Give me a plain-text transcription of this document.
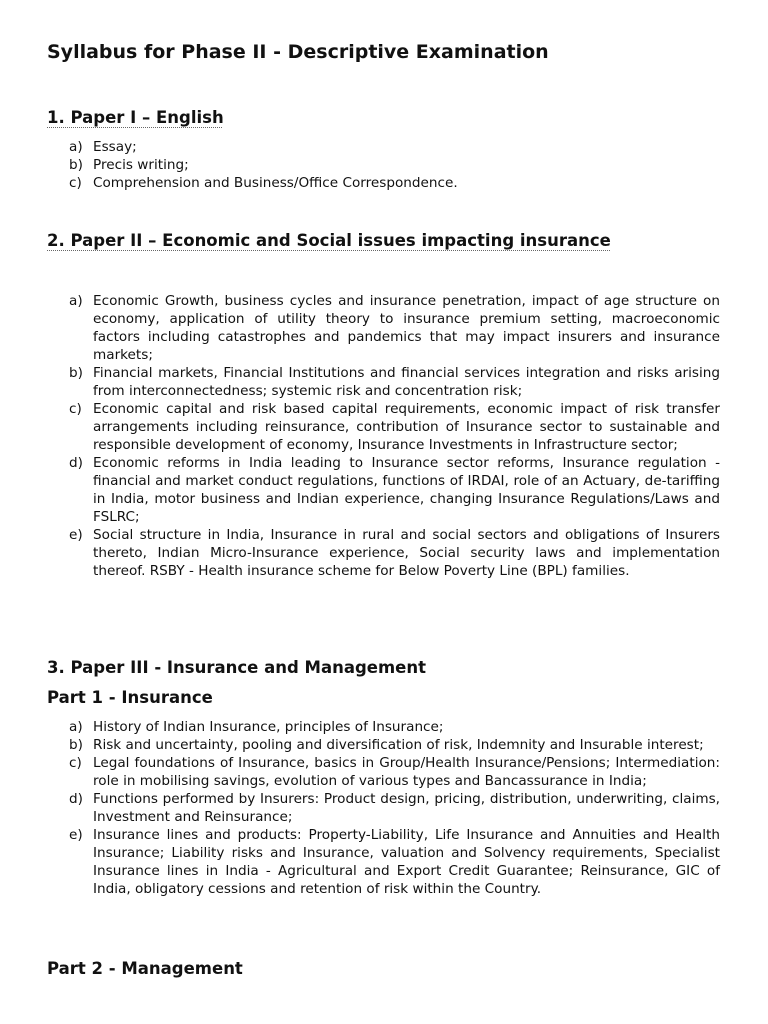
Syllabus for Phase II - Descriptive Examination
1. Paper I – English
a) Essay;
b) Precis writing;
c) Comprehension and Business/Office Correspondence.
2. Paper II – Economic and Social issues impacting insurance
a) Economic Growth, business cycles and insurance penetration, impact of age structure on economy, application of utility theory to insurance premium setting, macroeconomic factors including catastrophes and pandemics that may impact insurers and insurance markets;
b) Financial markets, Financial Institutions and financial services integration and risks arising from interconnectedness; systemic risk and concentration risk;
c) Economic capital and risk based capital requirements, economic impact of risk transfer arrangements including reinsurance, contribution of Insurance sector to sustainable and responsible development of economy, Insurance Investments in Infrastructure sector;
d) Economic reforms in India leading to Insurance sector reforms, Insurance regulation - financial and market conduct regulations, functions of IRDAI, role of an Actuary, de-tariffing in India, motor business and Indian experience, changing Insurance Regulations/Laws and FSLRC;
e) Social structure in India, Insurance in rural and social sectors and obligations of Insurers thereto, Indian Micro-Insurance experience, Social security laws and implementation thereof. RSBY - Health insurance scheme for Below Poverty Line (BPL) families.
3. Paper III - Insurance and Management
Part 1 - Insurance
a) History of Indian Insurance, principles of Insurance;
b) Risk and uncertainty, pooling and diversification of risk, Indemnity and Insurable interest;
c) Legal foundations of Insurance, basics in Group/Health Insurance/Pensions; Intermediation: role in mobilising savings, evolution of various types and Bancassurance in India;
d) Functions performed by Insurers: Product design, pricing, distribution, underwriting, claims, Investment and Reinsurance;
e) Insurance lines and products: Property-Liability, Life Insurance and Annuities and Health Insurance; Liability risks and Insurance, valuation and Solvency requirements, Specialist Insurance lines in India - Agricultural and Export Credit Guarantee; Reinsurance, GIC of India, obligatory cessions and retention of risk within the Country.
Part 2 - Management
